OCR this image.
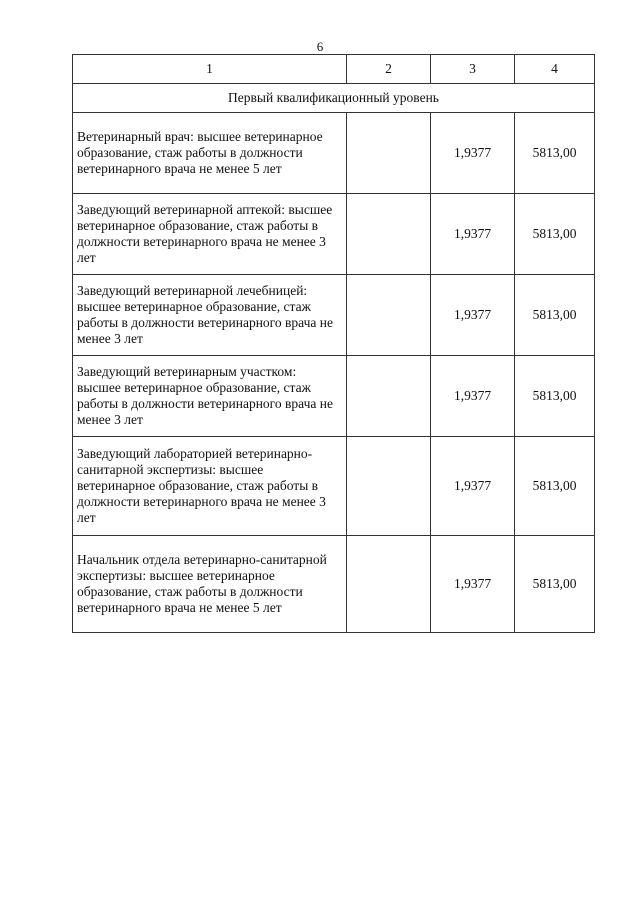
6
1	2	3	4
Первый квалификационный уровень			
Ветеринарный врач: высшее ветеринарное образование, стаж работы в должности ветеринарного врача не менее 5 лет		1,9377	5813,00
Заведующий ветеринарной аптекой: высшее ветеринарное образование, стаж работы в должности ветеринарного врача не менее 3 лет		1,9377	5813,00
Заведующий ветеринарной лечебницей: высшее ветеринарное образование, стаж работы в должности ветеринарного врача не менее 3 лет		1,9377	5813,00
Заведующий ветеринарным участком: высшее ветеринарное образование, стаж работы в должности ветеринарного врача не менее 3 лет		1,9377	5813,00
Заведующий лабораторией ветеринарно-санитарной экспертизы: высшее ветеринарное образование, стаж работы в должности ветеринарного врача не менее 3 лет		1,9377	5813,00
Начальник отдела ветеринарно-санитарной экспертизы: высшее ветеринарное образование, стаж работы в должности ветеринарного врача не менее 5 лет		1,9377	5813,00
